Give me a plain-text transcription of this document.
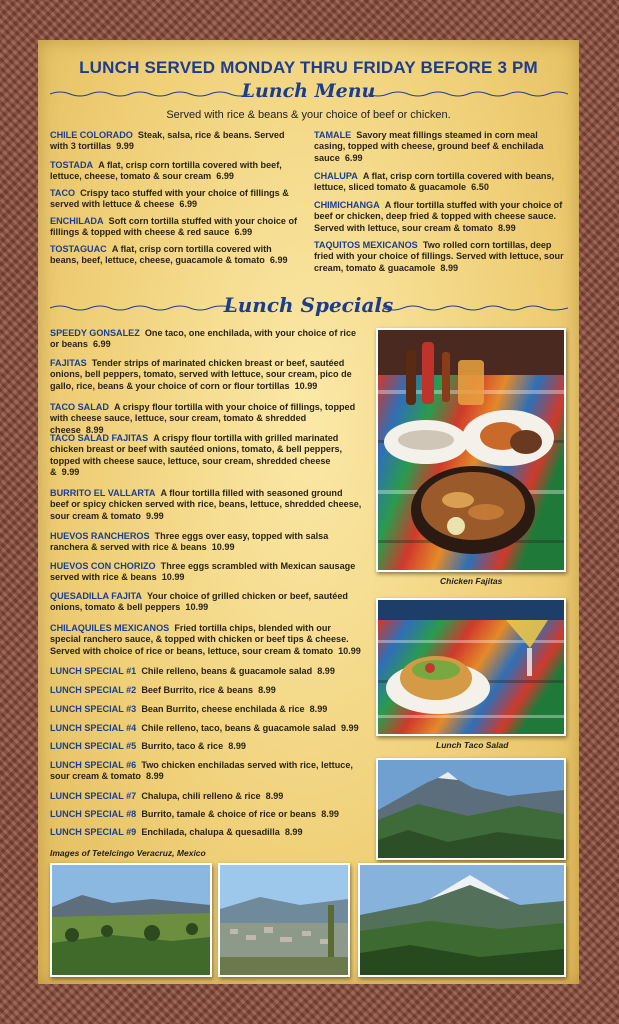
LUNCH SERVED MONDAY THRU FRIDAY BEFORE 3 PM
Lunch Menu
Served with rice & beans & your choice of beef or chicken.
CHILE COLORADO Steak, salsa, rice & beans. Served with 3 tortillas 9.99
TOSTADA A flat, crisp corn tortilla covered with beef, lettuce, cheese, tomato & sour cream 6.99
TACO Crispy taco stuffed with your choice of fillings & served with lettuce & cheese 6.99
ENCHILADA Soft corn tortilla stuffed with your choice of fillings & topped with cheese & red sauce 6.99
TOSTAGUAC A flat, crisp corn tortilla covered with beans, beef, lettuce, cheese, guacamole & tomato 6.99
TAMALE Savory meat fillings steamed in corn meal casing, topped with cheese, ground beef & enchilada sauce 6.99
CHALUPA A flat, crisp corn tortilla covered with beans, lettuce, sliced tomato & guacamole 6.50
CHIMICHANGA A flour tortilla stuffed with your choice of beef or chicken, deep fried & topped with cheese sauce. Served with lettuce, sour cream & tomato 8.99
TAQUITOS MEXICANOS Two rolled corn tortillas, deep fried with your choice of fillings. Served with lettuce, sour cream, tomato & guacamole 8.99
Lunch Specials
SPEEDY GONSALEZ One taco, one enchilada, with your choice of rice or beans 6.99
FAJITAS Tender strips of marinated chicken breast or beef, sautéed onions, bell peppers, tomato, served with lettuce, sour cream, pico de gallo, rice, beans & your choice of corn or flour tortillas 10.99
TACO SALAD A crispy flour tortilla with your choice of fillings, topped with cheese sauce, lettuce, sour cream, tomato & shredded cheese 8.99
TACO SALAD FAJITAS A crispy flour tortilla with grilled marinated chicken breast or beef with sautéed onions, tomato, & bell peppers, topped with cheese sauce, lettuce, sour cream, shredded cheese & 9.99
BURRITO EL VALLARTA A flour tortilla filled with seasoned ground beef or spicy chicken served with rice, beans, lettuce, shredded cheese, sour cream & tomato 9.99
HUEVOS RANCHEROS Three eggs over easy, topped with salsa ranchera & served with rice & beans 10.99
HUEVOS CON CHORIZO Three eggs scrambled with Mexican sausage served with rice & beans 10.99
QUESADILLA FAJITA Your choice of grilled chicken or beef, sautéed onions, tomato & bell peppers 10.99
CHILAQUILES MEXICANOS Fried tortilla chips, blended with our special ranchero sauce, & topped with chicken or beef tips & cheese. Served with choice of rice or beans, lettuce, sour cream & tomato 10.99
LUNCH SPECIAL #1 Chile relleno, beans & guacamole salad 8.99
LUNCH SPECIAL #2 Beef Burrito, rice & beans 8.99
LUNCH SPECIAL #3 Bean Burrito, cheese enchilada & rice 8.99
LUNCH SPECIAL #4 Chile relleno, taco, beans & guacamole salad 9.99
LUNCH SPECIAL #5 Burrito, taco & rice 8.99
LUNCH SPECIAL #6 Two chicken enchiladas served with rice, lettuce, sour cream & tomato 8.99
LUNCH SPECIAL #7 Chalupa, chili relleno & rice 8.99
LUNCH SPECIAL #8 Burrito, tamale & choice of rice or beans 8.99
LUNCH SPECIAL #9 Enchilada, chalupa & quesadilla 8.99
Chicken Fajitas
Lunch Taco Salad
Images of Tetelcingo Veracruz, Mexico
